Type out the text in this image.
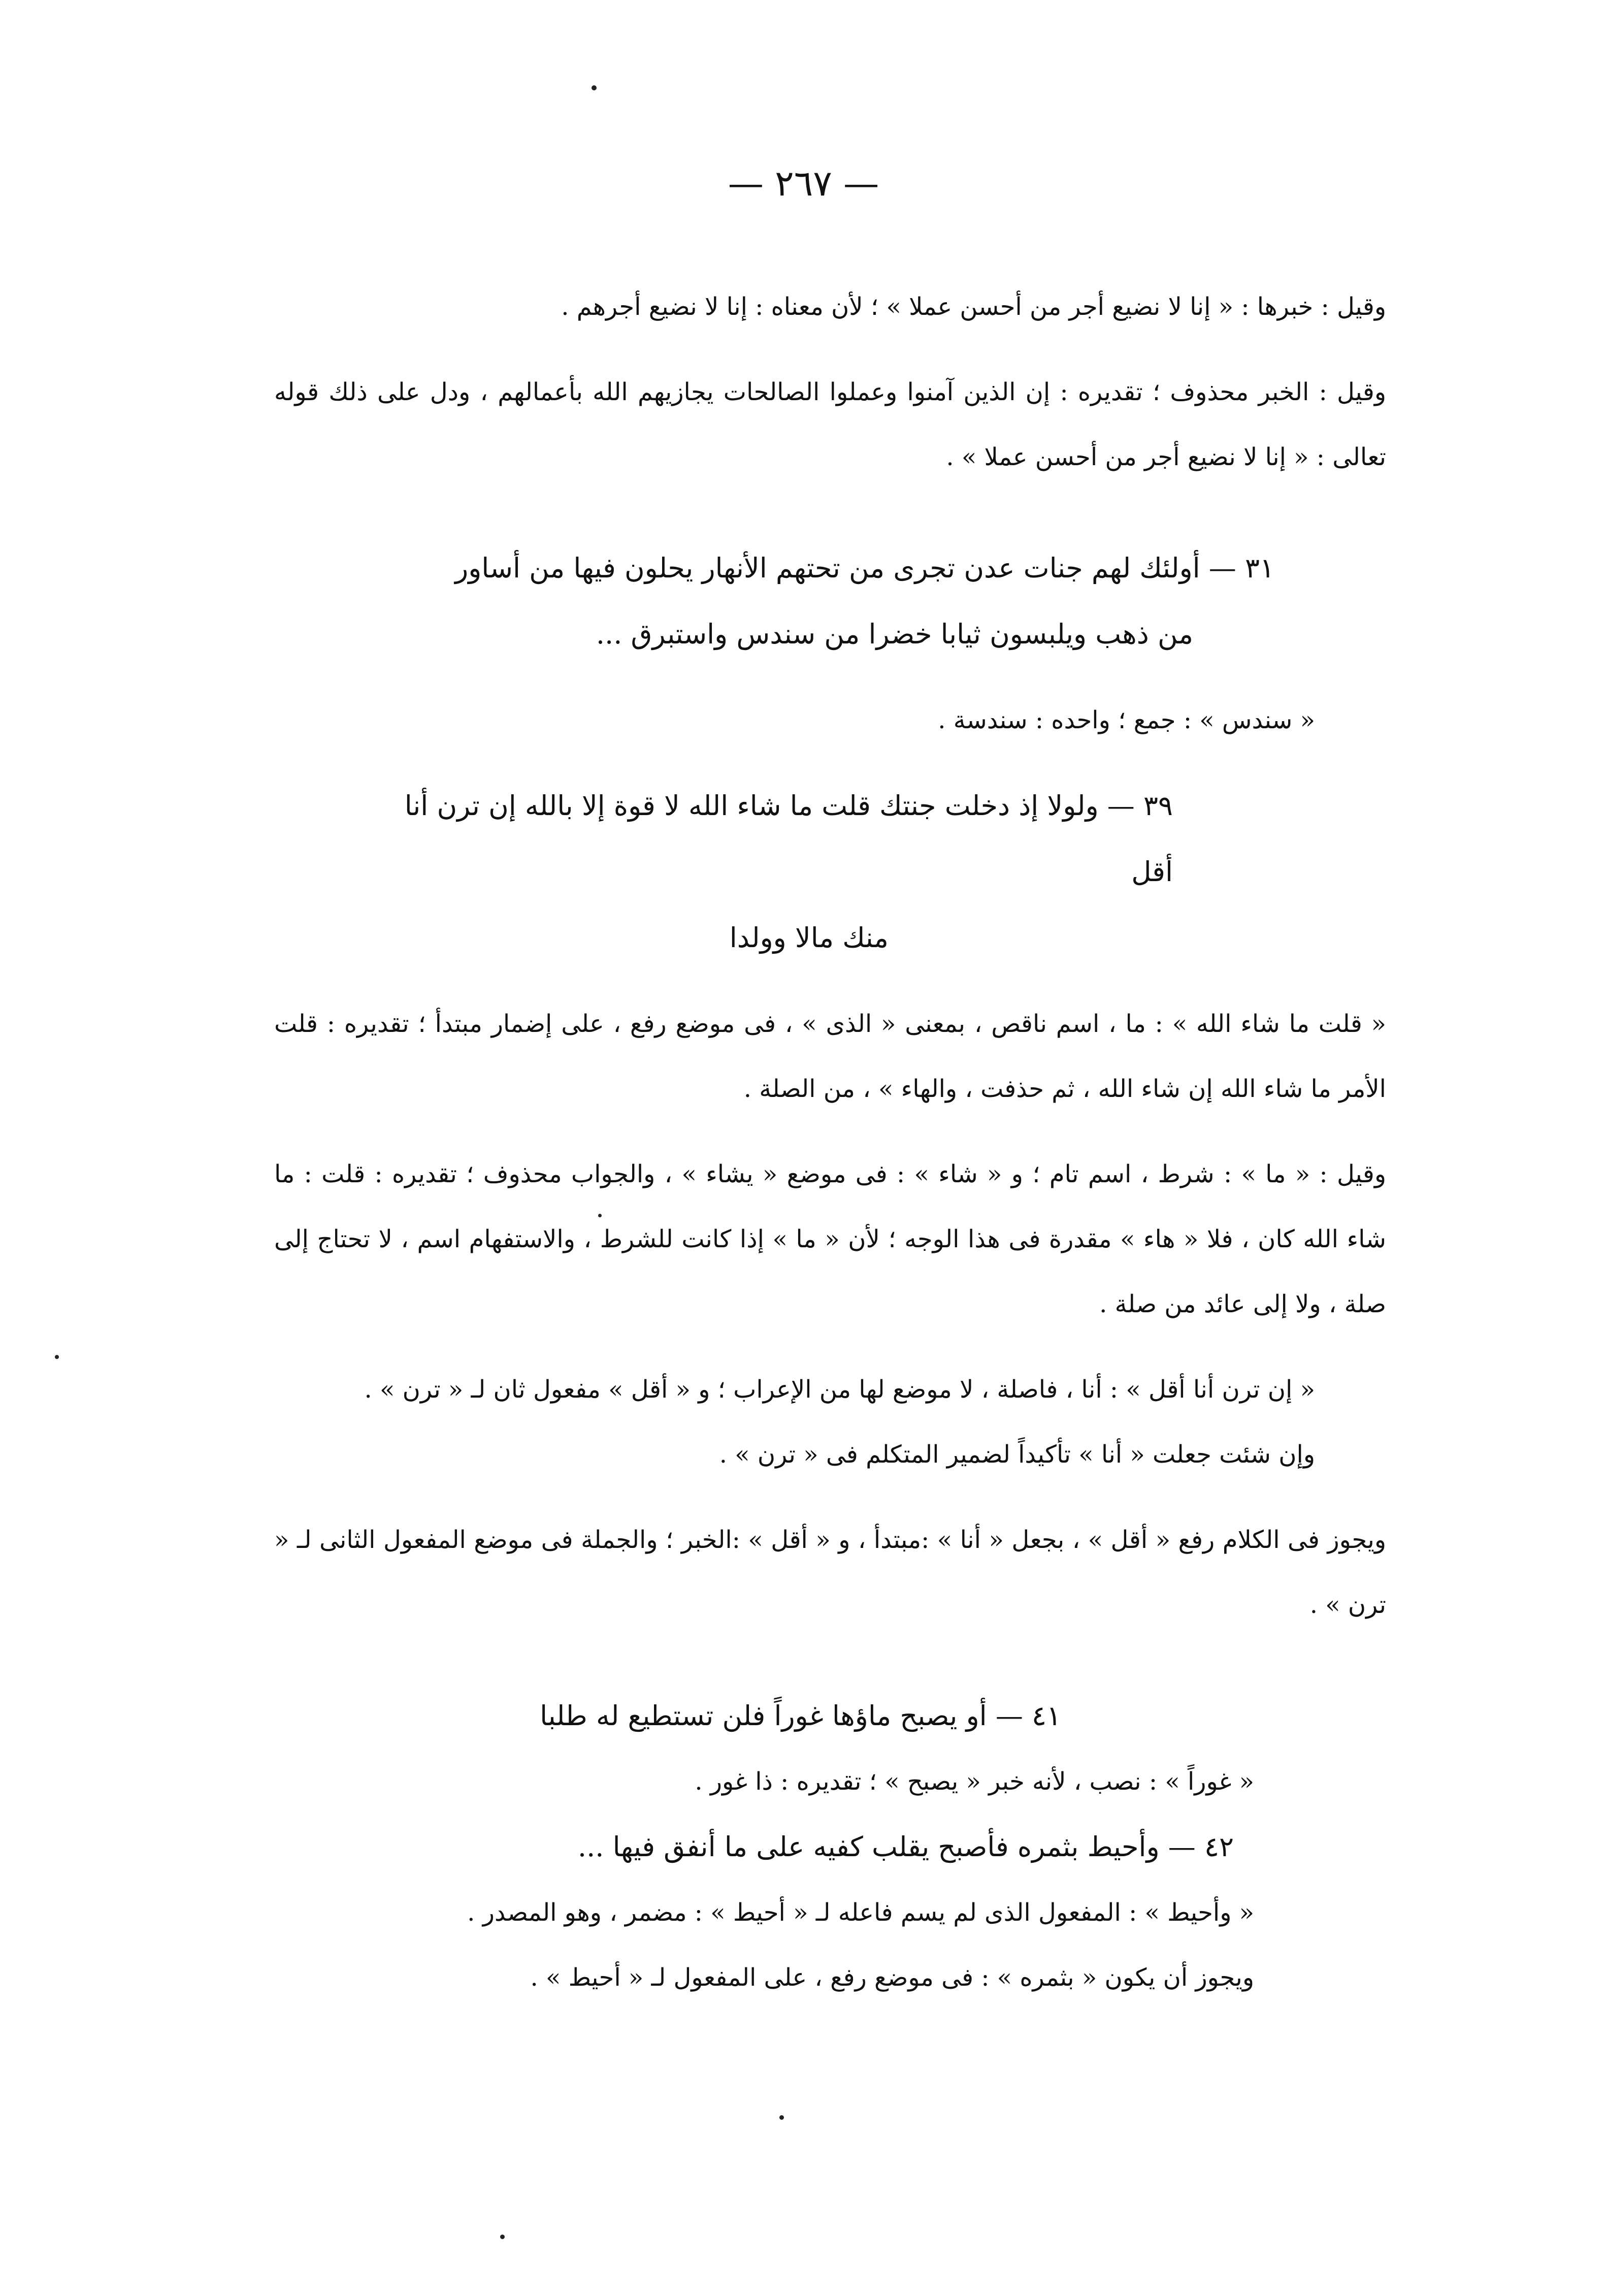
— ٢٦٧ —

وقيل : خبرها : « إنا لا نضيع أجر من أحسن عملا » ؛ لأن معناه : إنا لا نضيع أجرهم .

وقيل : الخبر محذوف ؛ تقديره : إن الذين آمنوا وعملوا الصالحات يجازيهم الله بأعمالهم ، ودل على ذلك قوله تعالى : « إنا لا نضيع أجر من أحسن عملا » .

٣١ — أولئك لهم جنات عدن تجرى من تحتهم الأنهار يحلون فيها من أساور
من ذهب ويلبسون ثيابا خضرا من سندس واستبرق ...

« سندس » : جمع ؛ واحده : سندسة .

٣٩ — ولولا إذ دخلت جنتك قلت ما شاء الله لا قوة إلا بالله إن ترن أنا أقل
منك مالا وولدا

« قلت ما شاء الله » : ما ، اسم ناقص ، بمعنى « الذى » ، فى موضع رفع ، على إضمار مبتدأ ؛ تقديره : قلت الأمر ما شاء الله إن شاء الله ، ثم حذفت ، والهاء » ، من الصلة .

وقيل : « ما » : شرط ، اسم تام ؛ و « شاء » : فى موضع « يشاء » ، والجواب محذوف ؛ تقديره : قلت : ما شاء الله كان ، فلا « هاء » مقدرة فى هذا الوجه ؛ لأن « ما » إذا كانت للشرط ، والاستفهام اسم ، لا تحتاج إلى صلة ، ولا إلى عائد من صلة .

« إن ترن أنا أقل » : أنا ، فاصلة ، لا موضع لها من الإعراب ؛ و « أقل » مفعول ثان لـ « ترن » .

وإن شئت جعلت « أنا » تأكيداً لضمير المتكلم فى « ترن » .

ويجوز فى الكلام رفع « أقل » ، بجعل « أنا » :مبتدأ ، و « أقل » :الخبر ؛ والجملة فى موضع المفعول الثانى لـ « ترن » .

٤١ — أو يصبح ماؤها غوراً فلن تستطيع له طلبا

« غوراً » : نصب ، لأنه خبر « يصبح » ؛ تقديره : ذا غور .

٤٢ — وأحيط بثمره فأصبح يقلب كفيه على ما أنفق فيها ...

« وأحيط » : المفعول الذى لم يسم فاعله لـ « أحيط » : مضمر ، وهو المصدر .

ويجوز أن يكون « بثمره » : فى موضع رفع ، على المفعول لـ « أحيط » .
